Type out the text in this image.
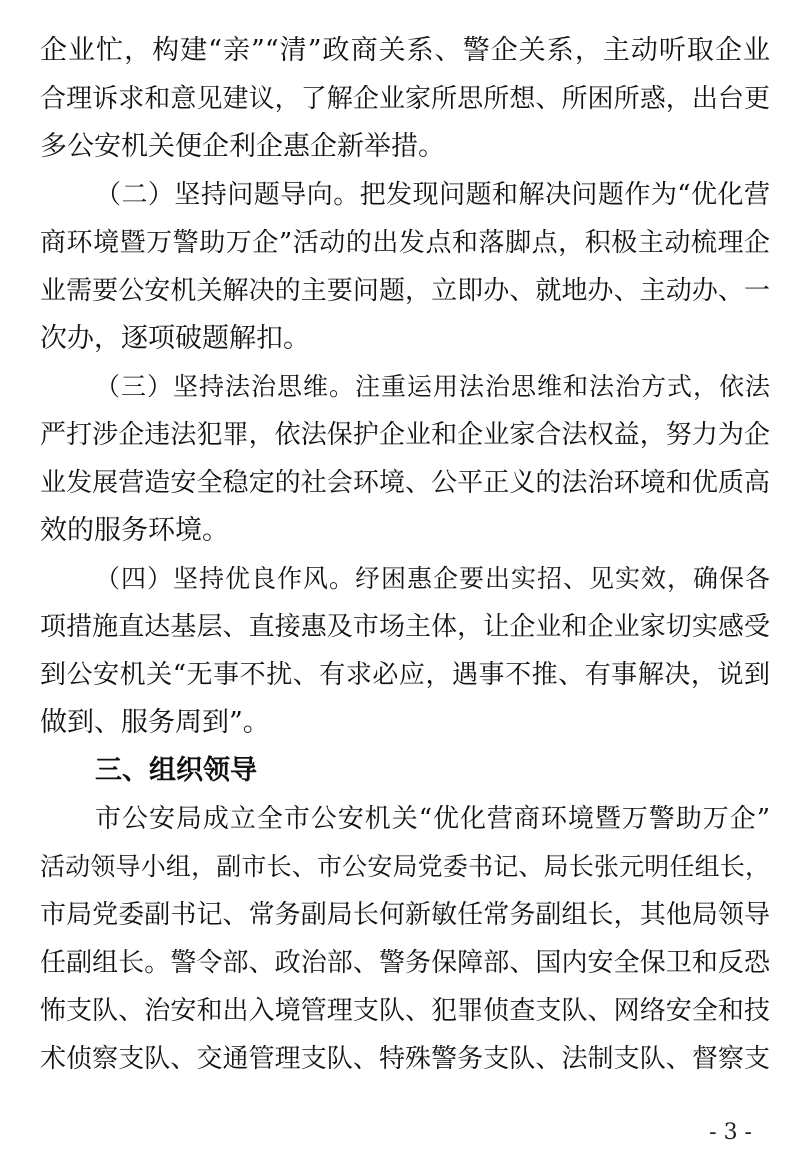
企业忙，构建“亲”“清”政商关系、警企关系，主动听取企业
合理诉求和意见建议，了解企业家所思所想、所困所惑，出台更
多公安机关便企利企惠企新举措。
（二）坚持问题导向。把发现问题和解决问题作为“优化营
商环境暨万警助万企”活动的出发点和落脚点，积极主动梳理企
业需要公安机关解决的主要问题，立即办、就地办、主动办、一
次办，逐项破题解扣。
（三）坚持法治思维。注重运用法治思维和法治方式，依法
严打涉企违法犯罪，依法保护企业和企业家合法权益，努力为企
业发展营造安全稳定的社会环境、公平正义的法治环境和优质高
效的服务环境。
（四）坚持优良作风。纾困惠企要出实招、见实效，确保各
项措施直达基层、直接惠及市场主体，让企业和企业家切实感受
到公安机关“无事不扰、有求必应，遇事不推、有事解决，说到
做到、服务周到”。
三、组织领导
市公安局成立全市公安机关“优化营商环境暨万警助万企”
活动领导小组，副市长、市公安局党委书记、局长张元明任组长，
市局党委副书记、常务副局长何新敏任常务副组长，其他局领导
任副组长。警令部、政治部、警务保障部、国内安全保卫和反恐
怖支队、治安和出入境管理支队、犯罪侦查支队、网络安全和技
术侦察支队、交通管理支队、特殊警务支队、法制支队、督察支
- 3 -
